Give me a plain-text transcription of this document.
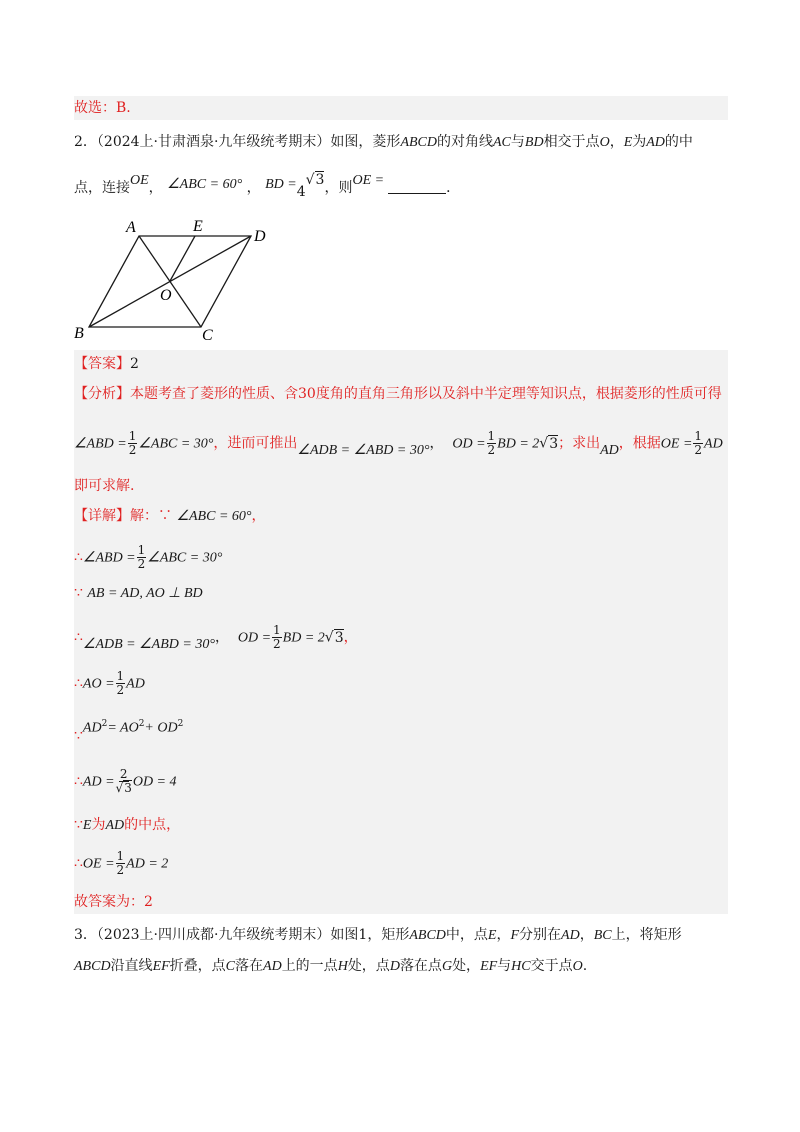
故选：B.
2．（2024上·甘肃酒泉·九年级统考期末）如图，菱形ABCD的对角线AC与BD相交于点O，E为AD的中
点，连接OE， ∠ABC = 60° ， BD =4√3，则OE =	．
A	E
D
O
B	C
【答案】2
【分析】本题考查了菱形的性质、含30度角的直角三角形以及斜中半定理等知识点，根据菱形的性质可得
∠ABD = $\frac{1}{2}$ ∠ABC = 30°，进而可推出∠ADB = ∠ABD = 30°， OD = $\frac{1}{2}$ BD = 2√3；求出AD，根据OE = $\frac{1}{2}$ AD
即可求解.
【详解】解：∵ ∠ABC = 60°，
∴∠ABD = $\frac{1}{2}$ ∠ABC = 30°
∵ AB = AD, AO ⊥ BD
∴∠ADB = ∠ABD = 30°， OD = $\frac{1}{2}$ BD = 2√3，
∴AO = $\frac{1}{2}$ AD
$\because AD^2= AO^2+ OD^2$
∴AD = $\frac{2}{√3}$ OD = 4
∵E为AD的中点，
∴OE = $\frac{1}{2}$ AD = 2
故答案为：2
3．（2023上·四川成都·九年级统考期末）如图1，矩形ABCD中，点E，F分别在AD，BC上，将矩形
ABCD沿直线EF折叠，点C落在AD上的一点H处，点D落在点G处，EF与HC交于点O.
